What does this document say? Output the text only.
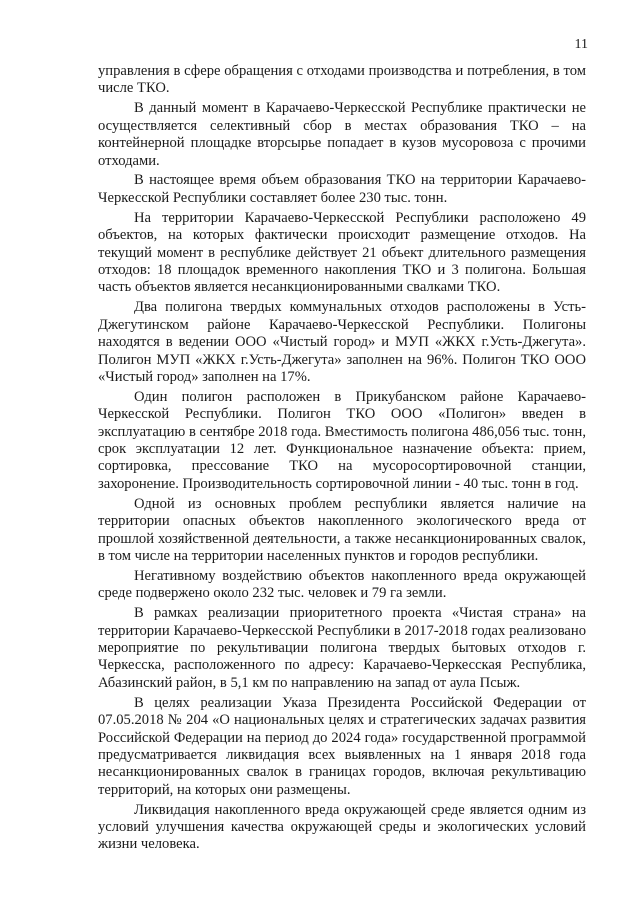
11

управления в сфере обращения с отходами производства и потребления, в том числе ТКО.

В данный момент в Карачаево-Черкесской Республике практически не осуществляется селективный сбор в местах образования ТКО – на контейнерной площадке вторсырье попадает в кузов мусоровоза с прочими отходами.

В настоящее время объем образования ТКО на территории Карачаево-Черкесской Республики составляет более 230 тыс. тонн.

На территории Карачаево-Черкесской Республики расположено 49 объектов, на которых фактически происходит размещение отходов. На текущий момент в республике действует 21 объект длительного размещения отходов: 18 площадок временного накопления ТКО и 3 полигона. Большая часть объектов является несанкционированными свалками ТКО.

Два полигона твердых коммунальных отходов расположены в Усть-Джегутинском районе Карачаево-Черкесской Республики. Полигоны находятся в ведении ООО «Чистый город» и МУП «ЖКХ г.Усть-Джегута». Полигон МУП «ЖКХ г.Усть-Джегута» заполнен на 96%. Полигон ТКО ООО «Чистый город» заполнен на 17%.

Один полигон расположен в Прикубанском районе Карачаево-Черкесской Республики. Полигон ТКО ООО «Полигон» введен в эксплуатацию в сентябре 2018 года. Вместимость полигона 486,056 тыс. тонн, срок эксплуатации 12 лет. Функциональное назначение объекта: прием, сортировка, прессование ТКО на мусоросортировочной станции, захоронение. Производительность сортировочной линии - 40 тыс. тонн в год.

Одной из основных проблем республики является наличие на территории опасных объектов накопленного экологического вреда от прошлой хозяйственной деятельности, а также несанкционированных свалок, в том числе на территории населенных пунктов и городов республики.

Негативному воздействию объектов накопленного вреда окружающей среде подвержено около 232 тыс. человек и 79 га земли.

В рамках реализации приоритетного проекта «Чистая страна» на территории Карачаево-Черкесской Республики в 2017-2018 годах реализовано мероприятие по рекультивации полигона твердых бытовых отходов г. Черкесска, расположенного по адресу: Карачаево-Черкесская Республика, Абазинский район, в 5,1 км по направлению на запад от аула Псыж.

В целях реализации Указа Президента Российской Федерации от 07.05.2018 № 204 «О национальных целях и стратегических задачах развития Российской Федерации на период до 2024 года» государственной программой предусматривается ликвидация всех выявленных на 1 января 2018 года несанкционированных свалок в границах городов, включая рекультивацию территорий, на которых они размещены.

Ликвидация накопленного вреда окружающей среде является одним из условий улучшения качества окружающей среды и экологических условий жизни человека.
